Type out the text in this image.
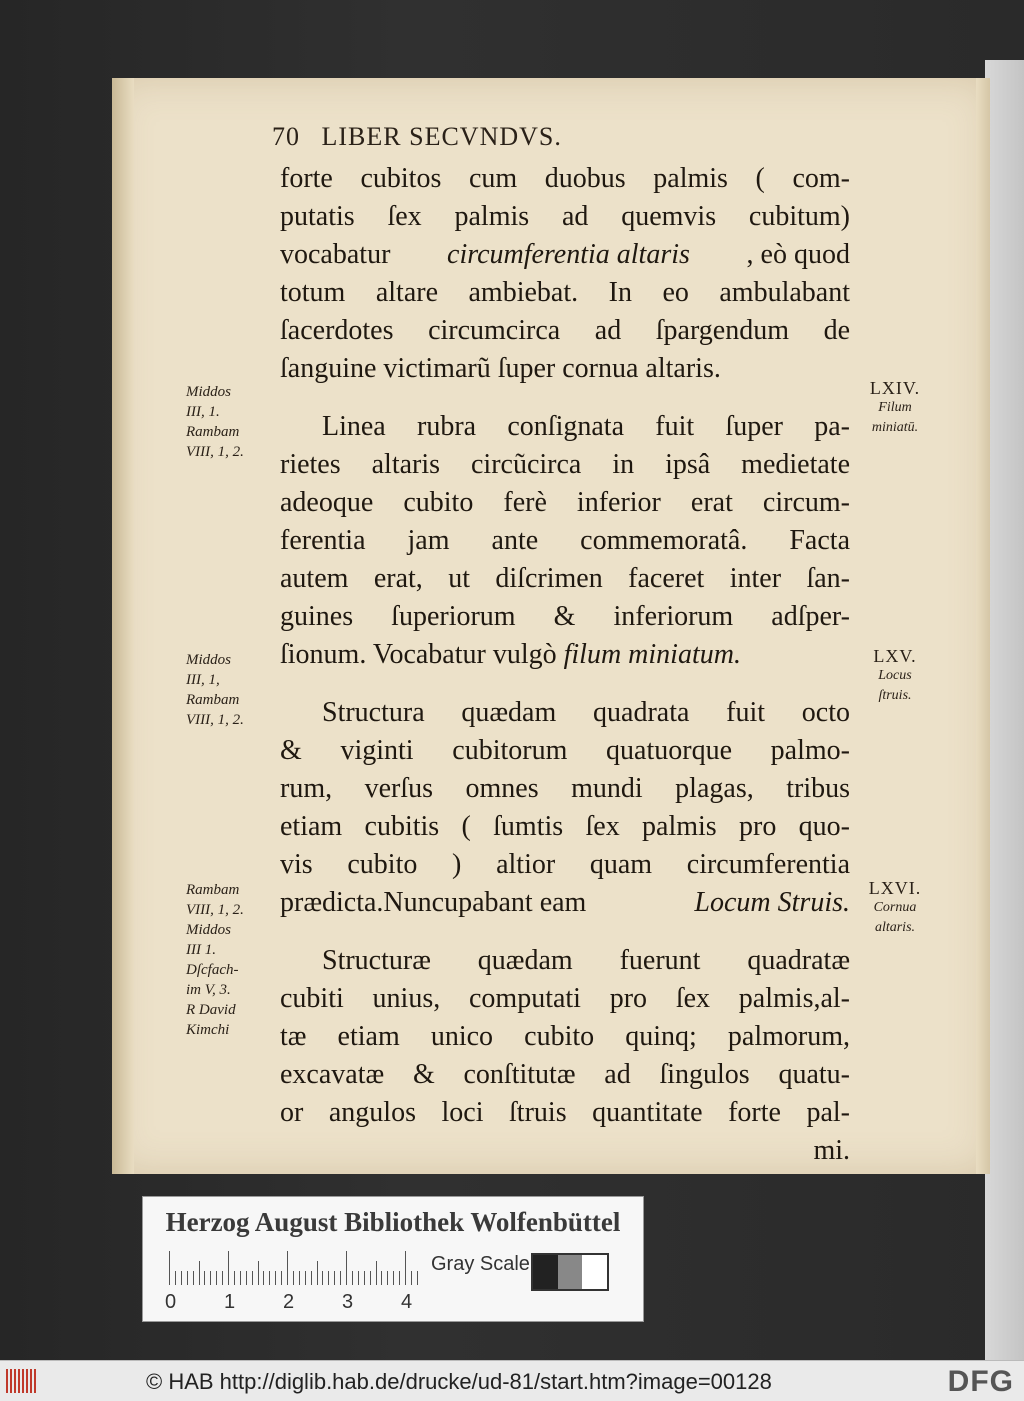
70 LIBER SECVNDVS.
forte cubitos cum duobus palmis ( com-
putatis ſex palmis ad quemvis cubitum)
vocabatur circumferentia altaris , eò quod
totum altare ambiebat. In eo ambulabant
ſacerdotes circumcirca ad ſpargendum de
ſanguine victimarũ ſuper cornua altaris.
Linea rubra conſignata fuit ſuper pa-
rietes altaris circũcirca in ipsâ medietate
adeoque cubito ferè inferior erat circum-
ferentia jam ante commemoratâ. Facta
autem erat, ut diſcrimen faceret inter ſan-
guines ſuperiorum & inferiorum adſper-
ſionum. Vocabatur vulgò filum miniatum.
Structura quædam quadrata fuit octo
& viginti cubitorum quatuorque palmo-
rum, verſus omnes mundi plagas, tribus
etiam cubitis ( ſumtis ſex palmis pro quo-
vis cubito ) altior quam circumferentia
prædicta.Nuncupabant eam	Locum Struis.
Structuræ quædam fuerunt quadratæ
cubiti unius, computati pro ſex palmis,al-
tæ etiam unico cubito quinq; palmorum,
excavatæ & conſtitutæ ad ſingulos quatu-
or angulos loci ſtruis quantitate forte pal-
mi.
Middos
III, 1.
Rambam
VIII, 1, 2.
Middos
III, 1,
Rambam
VIII, 1, 2.
Rambam
VIII, 1, 2.
Middos
III 1.
Dſcfach-
im V, 3.
R David
Kimchi
LXIV.
Filum
miniatū.
LXV.
Locus
ſtruis.
LXVI.
Cornua
altaris.
Herzog August Bibliothek Wolfenbüttel
0 1 2 3 4
Gray Scale
© HAB http://diglib.hab.de/drucke/ud-81/start.htm?image=00128	DFG
